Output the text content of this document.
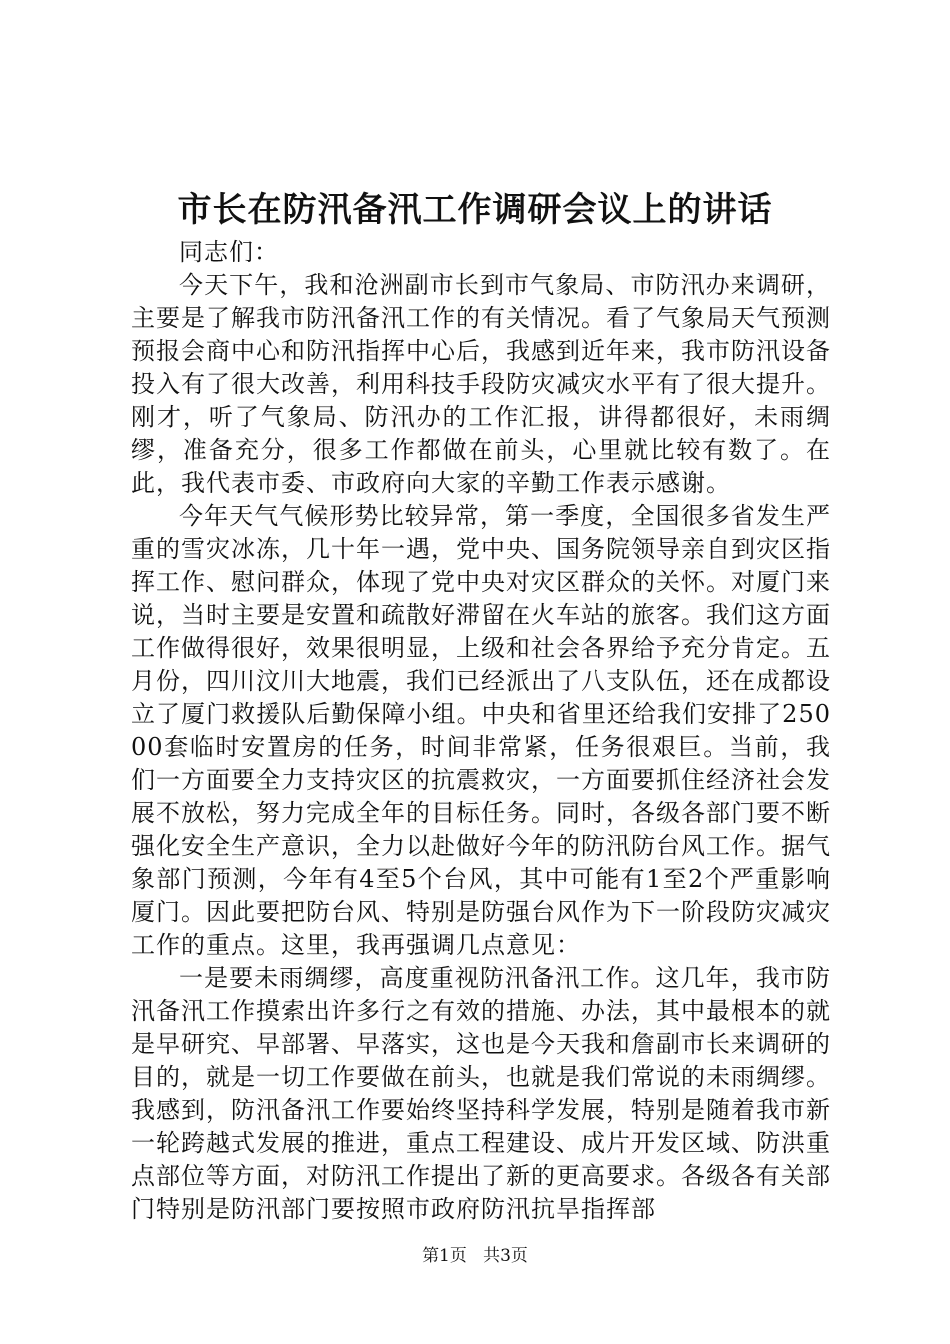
市长在防汛备汛工作调研会议上的讲话

同志们：

今天下午，我和沧洲副市长到市气象局、市防汛办来调研，主要是了解我市防汛备汛工作的有关情况。看了气象局天气预测预报会商中心和防汛指挥中心后，我感到近年来，我市防汛设备投入有了很大改善，利用科技手段防灾减灾水平有了很大提升。刚才，听了气象局、防汛办的工作汇报，讲得都很好，未雨绸缪，准备充分，很多工作都做在前头，心里就比较有数了。在此，我代表市委、市政府向大家的辛勤工作表示感谢。

今年天气气候形势比较异常，第一季度，全国很多省发生严重的雪灾冰冻，几十年一遇，党中央、国务院领导亲自到灾区指挥工作、慰问群众，体现了党中央对灾区群众的关怀。对厦门来说，当时主要是安置和疏散好滞留在火车站的旅客。我们这方面工作做得很好，效果很明显，上级和社会各界给予充分肯定。五月份，四川汶川大地震，我们已经派出了八支队伍，还在成都设立了厦门救援队后勤保障小组。中央和省里还给我们安排了25000套临时安置房的任务，时间非常紧，任务很艰巨。当前，我们一方面要全力支持灾区的抗震救灾，一方面要抓住经济社会发展不放松，努力完成全年的目标任务。同时，各级各部门要不断强化安全生产意识，全力以赴做好今年的防汛防台风工作。据气象部门预测，今年有4至5个台风，其中可能有1至2个严重影响厦门。因此要把防台风、特别是防强台风作为下一阶段防灾减灾工作的重点。这里，我再强调几点意见：

一是要未雨绸缪，高度重视防汛备汛工作。这几年，我市防汛备汛工作摸索出许多行之有效的措施、办法，其中最根本的就是早研究、早部署、早落实，这也是今天我和詹副市长来调研的目的，就是一切工作要做在前头，也就是我们常说的未雨绸缪。我感到，防汛备汛工作要始终坚持科学发展，特别是随着我市新一轮跨越式发展的推进，重点工程建设、成片开发区域、防洪重点部位等方面，对防汛工作提出了新的更高要求。各级各有关部门特别是防汛部门要按照市政府防汛抗旱指挥部

第1页 共3页
